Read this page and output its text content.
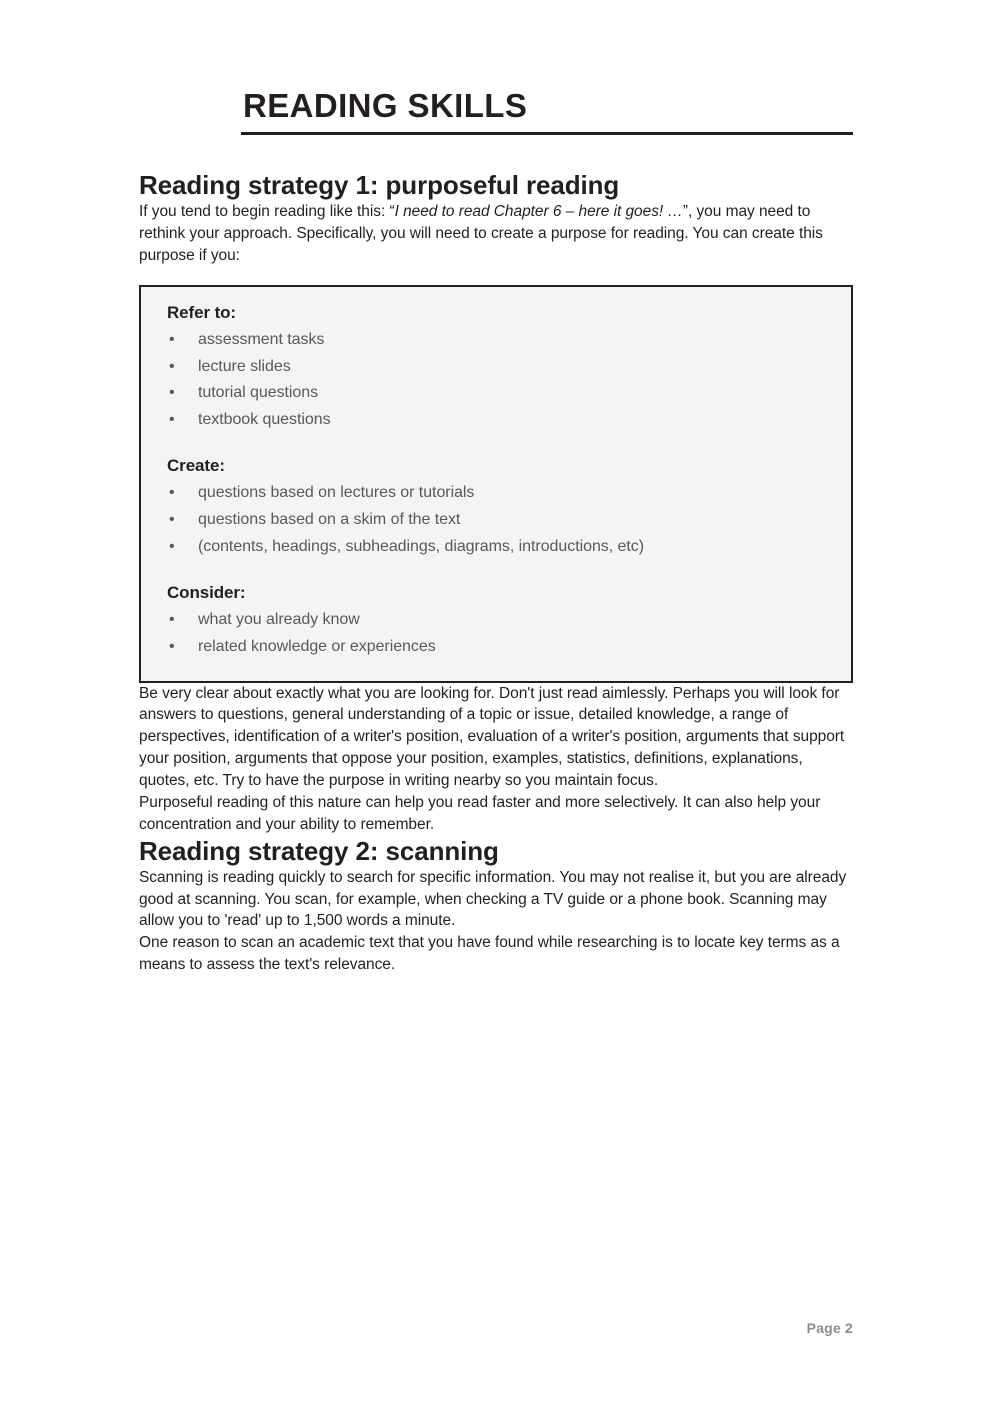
READING SKILLS
Reading strategy 1: purposeful reading

If you tend to begin reading like this: “I need to read Chapter 6 – here it goes! …”, you may need to rethink your approach. Specifically, you will need to create a purpose for reading. You can create this purpose if you:

Refer to:
• assessment tasks
• lecture slides
• tutorial questions
• textbook questions
Create:
• questions based on lectures or tutorials
• questions based on a skim of the text
• (contents, headings, subheadings, diagrams, introductions, etc)
Consider:
• what you already know
• related knowledge or experiences

Be very clear about exactly what you are looking for. Don't just read aimlessly. Perhaps you will look for answers to questions, general understanding of a topic or issue, detailed knowledge, a range of perspectives, identification of a writer's position, evaluation of a writer's position, arguments that support your position, arguments that oppose your position, examples, statistics, definitions, explanations, quotes, etc. Try to have the purpose in writing nearby so you maintain focus.

Purposeful reading of this nature can help you read faster and more selectively. It can also help your concentration and your ability to remember.

Reading strategy 2: scanning

Scanning is reading quickly to search for specific information. You may not realise it, but you are already good at scanning. You scan, for example, when checking a TV guide or a phone book. Scanning may allow you to 'read' up to 1,500 words a minute.

One reason to scan an academic text that you have found while researching is to locate key terms as a means to assess the text's relevance.

Page 2
